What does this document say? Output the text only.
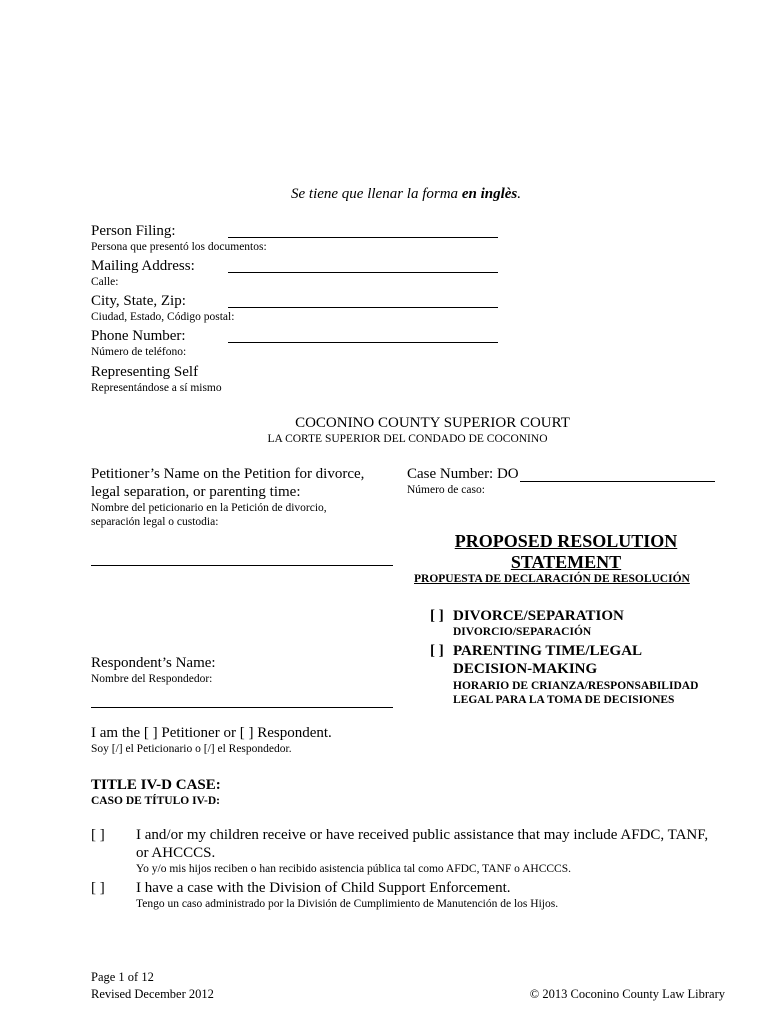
Se tiene que llenar la forma en inglès.
Person Filing:
Persona que presentó los documentos:
Mailing Address:
Calle:
City, State, Zip:
Ciudad, Estado, Código postal:
Phone Number:
Número de teléfono:
Representing Self
Representándose a sí mismo
COCONINO COUNTY SUPERIOR COURT
LA CORTE SUPERIOR DEL CONDADO DE COCONINO
Petitioner’s Name on the Petition for divorce,
legal separation, or parenting time:
Nombre del peticionario en la Petición de divorcio,
separación legal o custodia:
Case Number: DO
Número de caso:
PROPOSED RESOLUTION
STATEMENT
PROPUESTA DE DECLARACIÓN DE RESOLUCIÓN
[ ] DIVORCE/SEPARATION
DIVORCIO/SEPARACIÓN
[ ] PARENTING TIME/LEGAL
DECISION-MAKING
HORARIO DE CRIANZA/RESPONSABILIDAD
LEGAL PARA LA TOMA DE DECISIONES
Respondent’s Name:
Nombre del Respondedor:
I am the [ ] Petitioner or [ ] Respondent.
Soy [/] el Peticionario o [/] el Respondedor.
TITLE IV-D CASE:
CASO DE TÍTULO IV-D:
[ ] I and/or my children receive or have received public assistance that may include AFDC, TANF,
or AHCCCS.
Yo y/o mis hijos reciben o han recibido asistencia pública tal como AFDC, TANF o AHCCCS.
[ ] I have a case with the Division of Child Support Enforcement.
Tengo un caso administrado por la División de Cumplimiento de Manutención de los Hijos.
Page 1 of 12
Revised December 2012	© 2013 Coconino County Law Library
